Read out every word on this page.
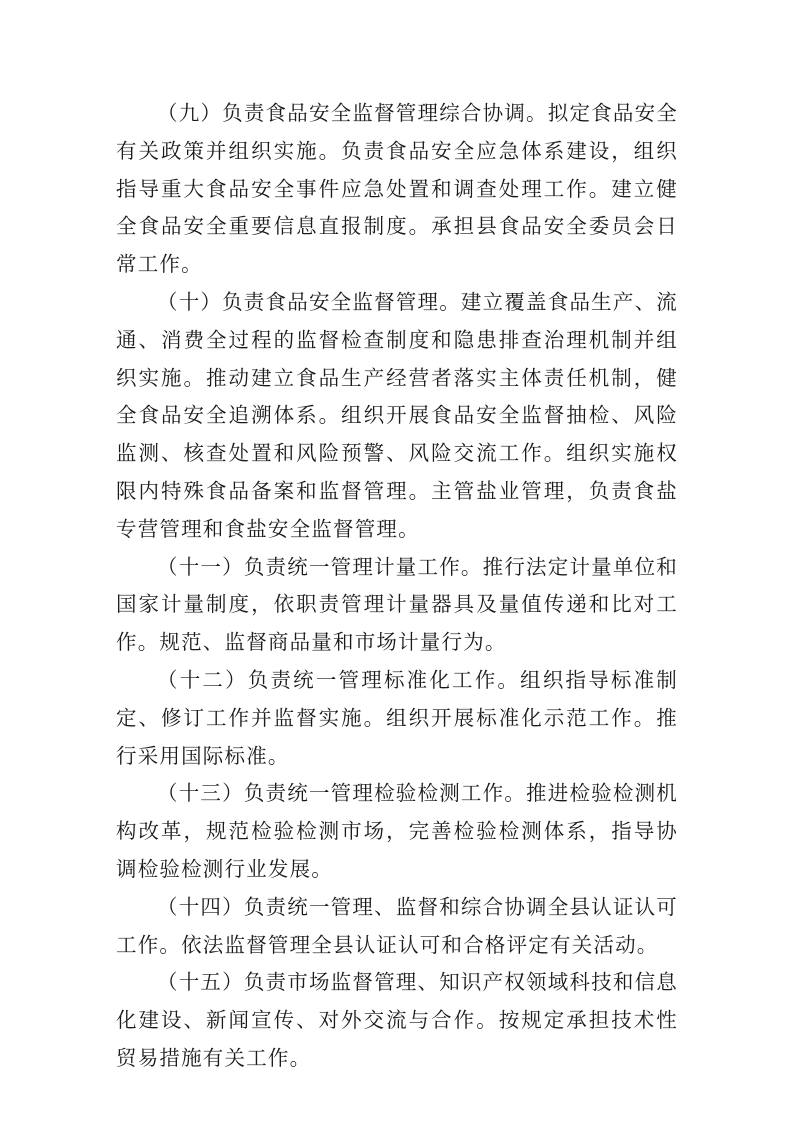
（九）负责食品安全监督管理综合协调。拟定食品安全有关政策并组织实施。负责食品安全应急体系建设，组织指导重大食品安全事件应急处置和调查处理工作。建立健全食品安全重要信息直报制度。承担县食品安全委员会日常工作。

（十）负责食品安全监督管理。建立覆盖食品生产、流通、消费全过程的监督检查制度和隐患排查治理机制并组织实施。推动建立食品生产经营者落实主体责任机制，健全食品安全追溯体系。组织开展食品安全监督抽检、风险监测、核查处置和风险预警、风险交流工作。组织实施权限内特殊食品备案和监督管理。主管盐业管理，负责食盐专营管理和食盐安全监督管理。

（十一）负责统一管理计量工作。推行法定计量单位和国家计量制度，依职责管理计量器具及量值传递和比对工作。规范、监督商品量和市场计量行为。

（十二）负责统一管理标准化工作。组织指导标准制定、修订工作并监督实施。组织开展标准化示范工作。推行采用国际标准。

（十三）负责统一管理检验检测工作。推进检验检测机构改革，规范检验检测市场，完善检验检测体系，指导协调检验检测行业发展。

（十四）负责统一管理、监督和综合协调全县认证认可工作。依法监督管理全县认证认可和合格评定有关活动。

（十五）负责市场监督管理、知识产权领域科技和信息化建设、新闻宣传、对外交流与合作。按规定承担技术性贸易措施有关工作。
